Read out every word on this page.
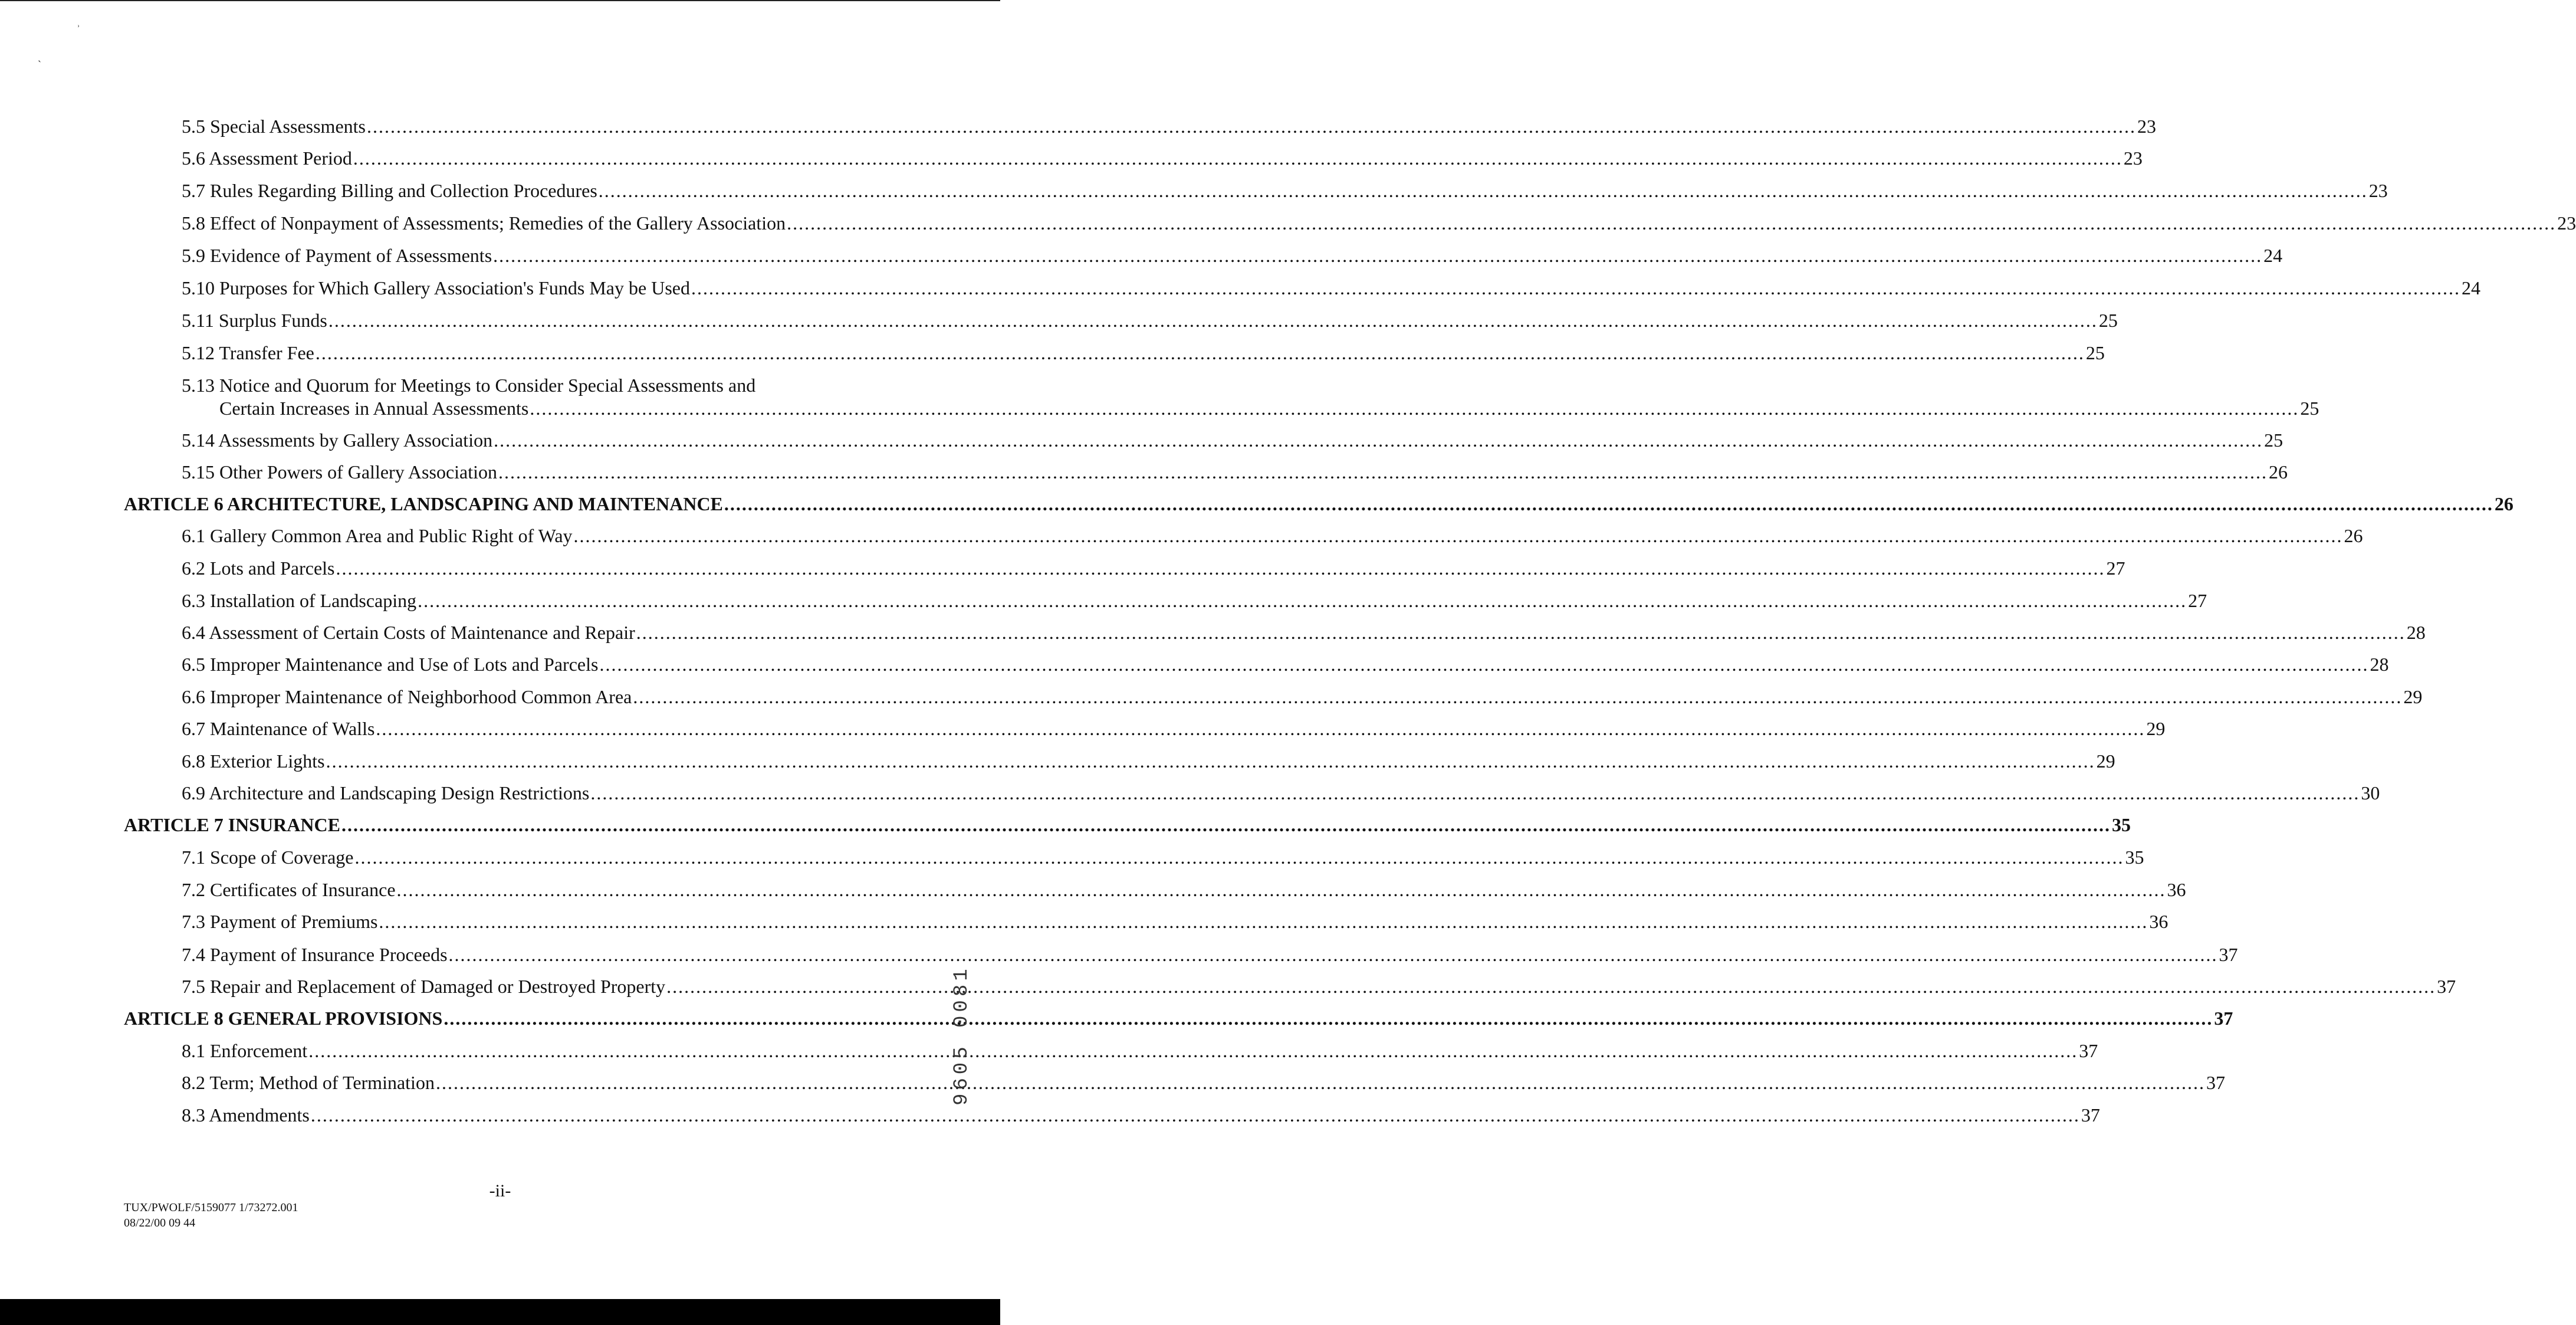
˒
˴
5.5 Special Assessments ............................................................................................................................................................................................................................................................................................................ 23
5.6 Assessment Period ............................................................................................................................................................................................................................................................................................................ 23
5.7 Rules Regarding Billing and Collection Procedures ............................................................................................................................................................................................................................................................................................................ 23
5.8 Effect of Nonpayment of Assessments; Remedies of the Gallery Association ............................................................................................................................................................................................................................................................................................................ 23
5.9 Evidence of Payment of Assessments ............................................................................................................................................................................................................................................................................................................ 24
5.10 Purposes for Which Gallery Association's Funds May be Used ............................................................................................................................................................................................................................................................................................................ 24
5.11 Surplus Funds ............................................................................................................................................................................................................................................................................................................ 25
5.12 Transfer Fee ............................................................................................................................................................................................................................................................................................................ 25
5.13 Notice and Quorum for Meetings to Consider Special Assessments and
Certain Increases in Annual Assessments ............................................................................................................................................................................................................................................................................................................ 25
5.14 Assessments by Gallery Association ............................................................................................................................................................................................................................................................................................................ 25
5.15 Other Powers of Gallery Association ............................................................................................................................................................................................................................................................................................................ 26
ARTICLE 6 ARCHITECTURE, LANDSCAPING AND MAINTENANCE ............................................................................................................................................................................................................................................................................................................ 26
6.1 Gallery Common Area and Public Right of Way ............................................................................................................................................................................................................................................................................................................ 26
6.2 Lots and Parcels ............................................................................................................................................................................................................................................................................................................ 27
6.3 Installation of Landscaping ............................................................................................................................................................................................................................................................................................................ 27
6.4 Assessment of Certain Costs of Maintenance and Repair ............................................................................................................................................................................................................................................................................................................ 28
6.5 Improper Maintenance and Use of Lots and Parcels ............................................................................................................................................................................................................................................................................................................ 28
6.6 Improper Maintenance of Neighborhood Common Area ............................................................................................................................................................................................................................................................................................................ 29
6.7 Maintenance of Walls ............................................................................................................................................................................................................................................................................................................ 29
6.8 Exterior Lights ............................................................................................................................................................................................................................................................................................................ 29
6.9 Architecture and Landscaping Design Restrictions ............................................................................................................................................................................................................................................................................................................ 30
ARTICLE 7 INSURANCE ............................................................................................................................................................................................................................................................................................................ 35
7.1 Scope of Coverage ............................................................................................................................................................................................................................................................................................................ 35
7.2 Certificates of Insurance ............................................................................................................................................................................................................................................................................................................ 36
7.3 Payment of Premiums ............................................................................................................................................................................................................................................................................................................ 36
7.4 Payment of Insurance Proceeds ............................................................................................................................................................................................................................................................................................................ 37
7.5 Repair and Replacement of Damaged or Destroyed Property ............................................................................................................................................................................................................................................................................................................ 37
ARTICLE 8 GENERAL PROVISIONS ............................................................................................................................................................................................................................................................................................................ 37
8.1 Enforcement ............................................................................................................................................................................................................................................................................................................ 37
8.2 Term; Method of Termination ............................................................................................................................................................................................................................................................................................................ 37
8.3 Amendments ............................................................................................................................................................................................................................................................................................................ 37
-ii-
TUX/PWOLF/5159077 1/73272.001
08/22/00 09 44
9605 0081
